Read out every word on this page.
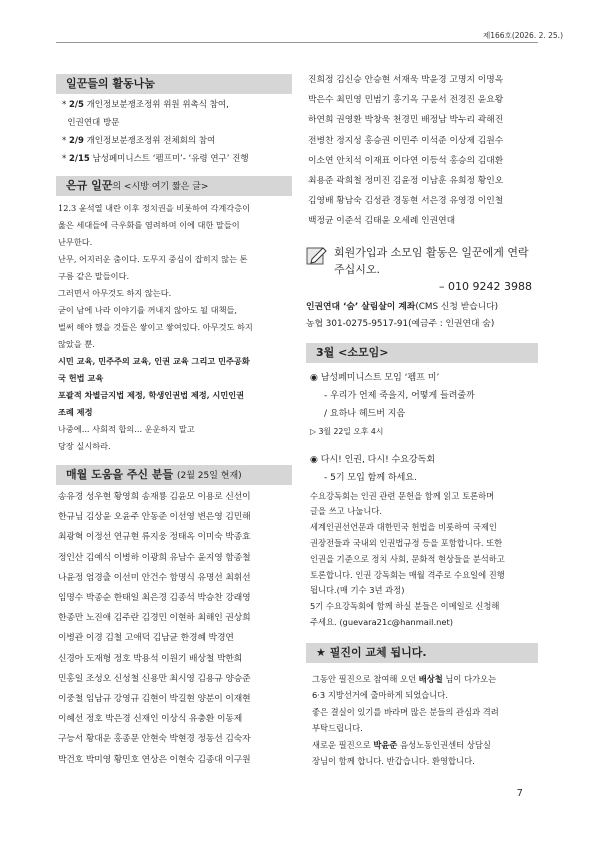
제166호(2026. 2. 25.)
일꾼들의 활동나눔
* 2/5 개인정보분쟁조정위 위원 위촉식 참여,
인권연대 방문
* 2/9 개인정보분쟁조정위 전체회의 참여
* 2/15 남성페미니스트 ‘펨프미’- ‘유령 연구’ 진행
은규 일꾼의 <시방 여기 짧은 글>

12.3 윤석열 내란 이후 정치권을 비롯하여 각계각층이

옳은 세대들에 극우화를 염려하며 이에 대한 말들이

난무한다.

난무, 어지러운 춤이다. 도무지 중심이 잡히지 않는 톤

구름 같은 말들이다.

그러면서 아무것도 하지 않는다.

굳이 남에 나라 이야기를 꺼내지 않아도 될 대책들,

벌써 해야 했을 것들은 쌓이고 쌓여있다. 아무것도 하지

않았을 뿐.

시민 교육, 민주주의 교육, 인권 교육 그리고 민주공화

국 헌법 교육

포괄적 차별금지법 제정, 학생인권법 제정, 시민인권

조례 제정

나중에... 사회적 합의... 운운하지 말고

당장 실시하라.

매월 도움을 주신 분들 (2월 25일 현재)
송유경 성우현 황영희 송재룡 김윤모 이용로 신선이
한규님 김상윤 오윤주 안동준 이선영 변은영 김민해
최광혁 이정선 연규현 류지웅 정태옥 이미숙 박종효
정인산 김예식 이병하 이광희 유남수 윤지영 함종철
나윤정 엄경출 이선미 안건수 함명식 유명선 최휘선
임명수 박종순 한태일 최은경 김종석 박승찬 강래영
한종만 노진애 김주란 김경민 이현하 최해인 권상희
이병관 이경 김철 고애덕 김남균 한경혜 박경연
신경아 도재형 정호 박용석 이원기 배상철 박한희
민홍일 조성오 신성철 신용만 최시영 김용규 양승준
이중철 임남규 강영규 김현이 박길현 양분이 이재현
이혜선 정호 박은경 신재인 이상식 유충환 이동제
구능서 황대운 홍종문 안현숙 박현경 정동선 김숙자
박건호 박미영 황민호 연상은 이현숙 김종대 이구원
진희정 김신승 안승현 서재욱 박윤경 고명지 이명옥
박은수 최민영 민범기 홍기옥 구윤서 전경진 윤요왕
하연희 권영환 박창욱 천경민 배정남 박누리 곽해진
전병찬 정지성 홍승권 이민주 이석준 이상제 김원수
이소연 안치석 이재표 이다연 이등석 홍승의 김대환
최용준 곽희철 정미진 김윤정 이남훈 유희정 황인오
김영배 황남숙 김성관 경동현 서은경 유영경 이인철
백정균 이준석 김태윤 오세례 인권연대
회원가입과 소모임 활동은 일꾼에게 연락 주십시오.
– 010 9242 3988
인권연대 ‘숨’ 살림살이 계좌(CMS 신청 받습니다)
농협 301-0275-9517-91(예금주 : 인권연대 숨)
3월 <소모임>
◉ 남성페미니스트 모임 ‘펨프 미’
- 우리가 언제 죽을지, 어떻게 들려줄까
/ 요하나 헤드버 지음
▷ 3월 22일 오후 4시
◉ 다시! 인권, 다시! 수요강독회
- 5기 모입 함께 하세요.

수요강독회는 인권 관련 문헌을 함께 읽고 토론하며

글을 쓰고 나눕니다.

세계인권선언문과 대한민국 헌법을 비롯하여 국제인

권장전들과 국내외 인권법규정 등을 포함합니다. 또한

인권을 기준으로 정치 사회, 문화적 현상들을 분석하고

토론합니다. 인권 강독회는 매월 격주로 수요일에 진행

됩니다.(매 기수 3년 과정)

5기 수요강독회에 함께 하실 분들은 이메일로 신청해

주세요. (guevara21c@hanmail.net)

★ 필진이 교체 됩니다.

그동안 필진으로 참여해 오던 배상철 님이 다가오는

6·3 지방선거에 출마하게 되었습니다.

좋은 결실이 있기를 바라며 많은 분들의 관심과 격려

부탁드립니다.

새로운 필진으로 박윤준 음성노동인권센터 상담실

장님이 함께 합니다. 반갑습니다. 환영합니다.

7
